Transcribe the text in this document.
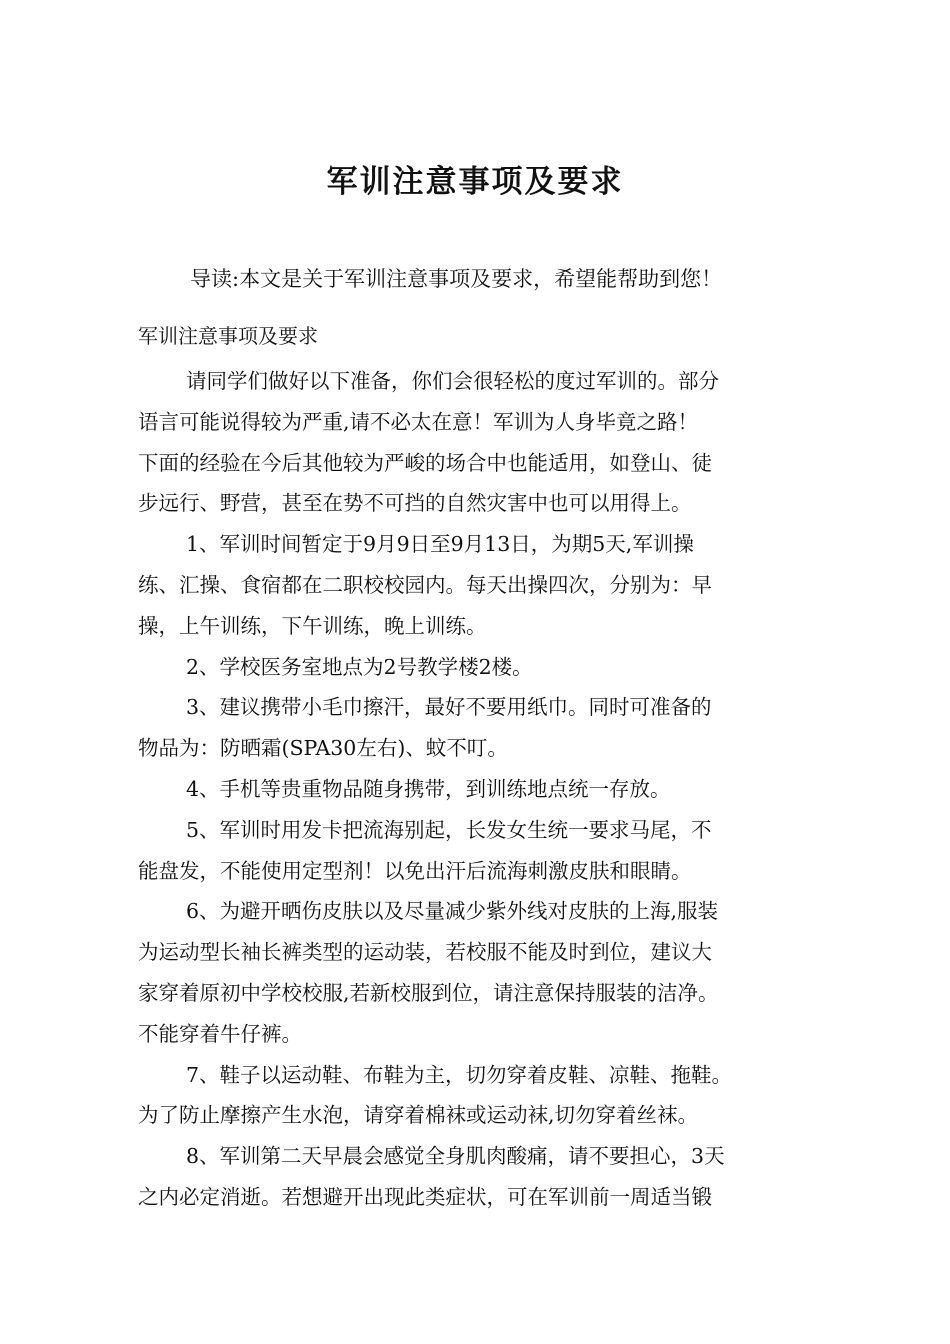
军训注意事项及要求
导读:本文是关于军训注意事项及要求，希望能帮助到您！
军训注意事项及要求

请同学们做好以下准备，你们会很轻松的度过军训的。部分
语言可能说得较为严重,请不必太在意！军训为人身毕竟之路！
下面的经验在今后其他较为严峻的场合中也能适用，如登山、徒
步远行、野营，甚至在势不可挡的自然灾害中也可以用得上。

1、军训时间暂定于9月9日至9月13日，为期5天,军训操
练、汇操、食宿都在二职校校园内。每天出操四次，分别为：早
操，上午训练，下午训练，晚上训练。

2、学校医务室地点为2号教学楼2楼。

3、建议携带小毛巾擦汗，最好不要用纸巾。同时可准备的
物品为：防晒霜(SPA30左右)、蚊不叮。

4、手机等贵重物品随身携带，到训练地点统一存放。

5、军训时用发卡把流海别起，长发女生统一要求马尾，不
能盘发，不能使用定型剂！以免出汗后流海刺激皮肤和眼睛。

6、为避开晒伤皮肤以及尽量减少紫外线对皮肤的上海,服装
为运动型长袖长裤类型的运动装，若校服不能及时到位，建议大
家穿着原初中学校校服,若新校服到位，请注意保持服装的洁净。
不能穿着牛仔裤。

7、鞋子以运动鞋、布鞋为主，切勿穿着皮鞋、凉鞋、拖鞋。
为了防止摩擦产生水泡，请穿着棉袜或运动袜,切勿穿着丝袜。

8、军训第二天早晨会感觉全身肌肉酸痛，请不要担心，3天
之内必定消逝。若想避开出现此类症状，可在军训前一周适当锻
